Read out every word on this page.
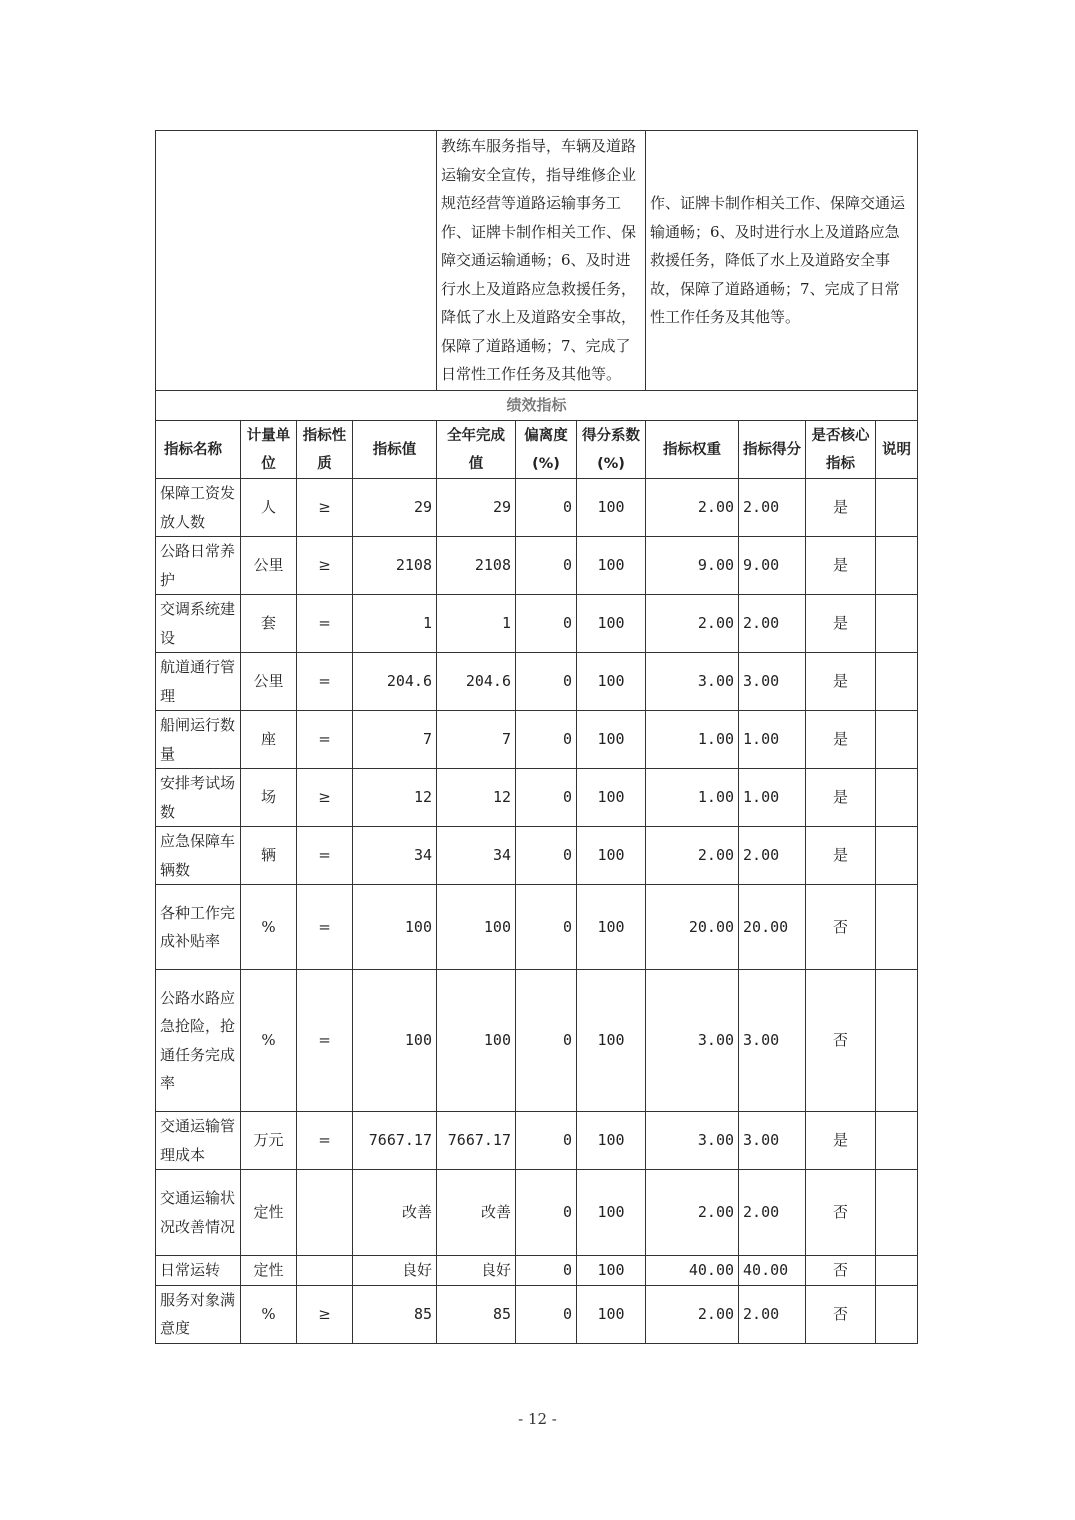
				教练车服务指导，车辆及道路运输安全宣传，指导维修企业规范经营等道路运输事务工作、证牌卡制作相关工作、保障交通运输通畅；6、及时进行水上及道路应急救援任务，降低了水上及道路安全事故，保障了道路通畅；7、完成了日常性工作任务及其他等。			作、证牌卡制作相关工作、保障交通运输通畅；6、及时进行水上及道路应急救援任务，降低了水上及道路安全事故，保障了道路通畅；7、完成了日常性工作任务及其他等。			
绩效指标										
指标名称	计量单位	指标性质	指标值	全年完成值	偏离度(%)	得分系数(%)	指标权重	指标得分	是否核心指标	说明
保障工资发放人数	人	≥	29	29	0	100	2.00	2.00	是	
公路日常养护	公里	≥	2108	2108	0	100	9.00	9.00	是	
交调系统建设	套	=	1	1	0	100	2.00	2.00	是	
航道通行管理	公里	=	204.6	204.6	0	100	3.00	3.00	是	
船闸运行数量	座	=	7	7	0	100	1.00	1.00	是	
安排考试场数	场	≥	12	12	0	100	1.00	1.00	是	
应急保障车辆数	辆	=	34	34	0	100	2.00	2.00	是	
各种工作完成补贴率	%	=	100	100	0	100	20.00	20.00	否	
公路水路应急抢险，抢通任务完成率	%	=	100	100	0	100	3.00	3.00	否	
交通运输管理成本	万元	=	7667.17	7667.17	0	100	3.00	3.00	是	
交通运输状况改善情况	定性		改善	改善	0	100	2.00	2.00	否	
日常运转	定性		良好	良好	0	100	40.00	40.00	否	
服务对象满意度	%	≥	85	85	0	100	2.00	2.00	否	
- 12 -
